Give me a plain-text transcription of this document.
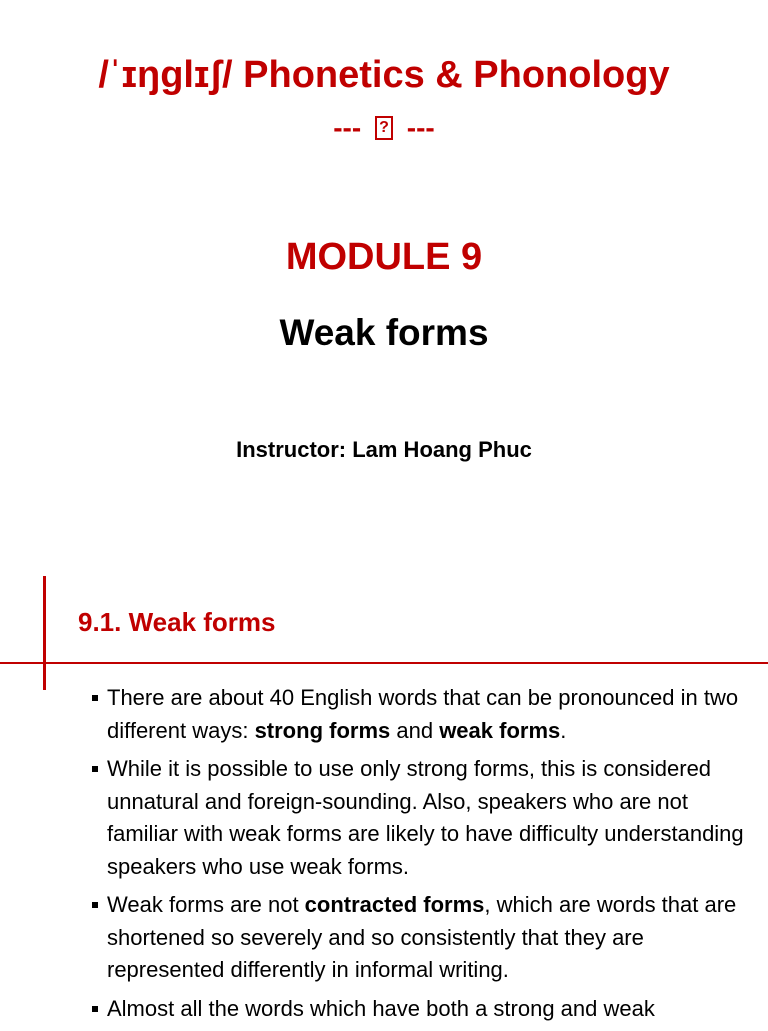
/ˈɪŋglɪʃ/ Phonetics & Phonology
--- ? ---
MODULE 9
Weak forms
Instructor: Lam Hoang Phuc
9.1. Weak forms
There are about 40 English words that can be pronounced in two different ways: strong forms and weak forms.
While it is possible to use only strong forms, this is considered unnatural and foreign-sounding. Also, speakers who are not familiar with weak forms are likely to have difficulty understanding speakers who use weak forms.
Weak forms are not contracted forms, which are words that are shortened so severely and so consistently that they are represented differently in informal writing.
Almost all the words which have both a strong and weak
